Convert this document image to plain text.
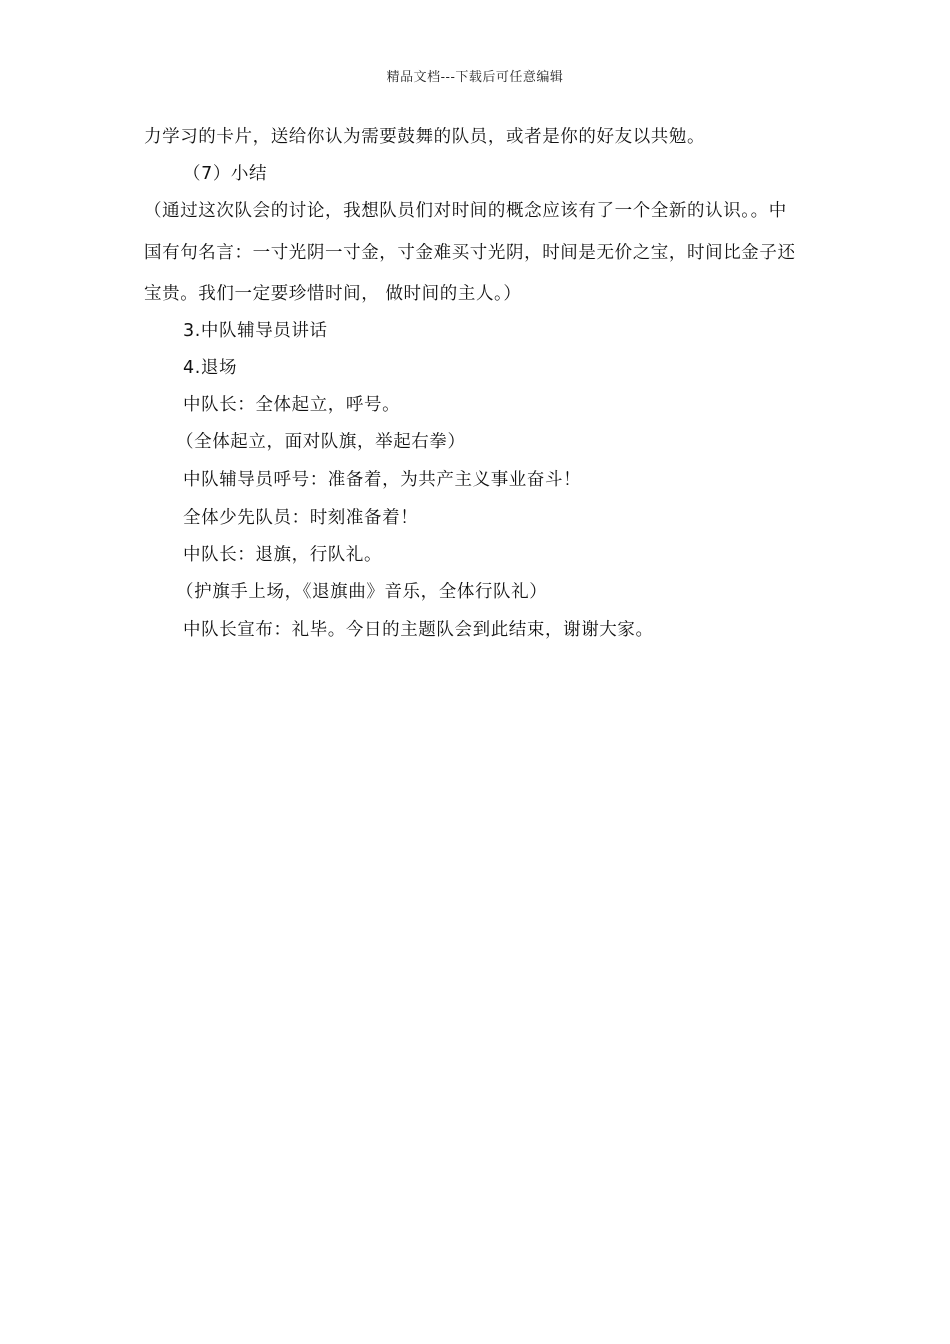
精品文档---下载后可任意编辑
力学习的卡片，送给你认为需要鼓舞的队员，或者是你的好友以共勉。
（7）小结
（通过这次队会的讨论，我想队员们对时间的概念应该有了一个全新的认识。。中
国有句名言：一寸光阴一寸金，寸金难买寸光阴，时间是无价之宝，时间比金子还
宝贵。我们一定要珍惜时间， 做时间的主人。）
3.中队辅导员讲话
4.退场
中队长：全体起立，呼号。
（全体起立，面对队旗，举起右拳）
中队辅导员呼号：准备着，为共产主义事业奋斗！
全体少先队员：时刻准备着！
中队长：退旗，行队礼。
（护旗手上场，《退旗曲》音乐，全体行队礼）
中队长宣布：礼毕。今日的主题队会到此结束，谢谢大家。
